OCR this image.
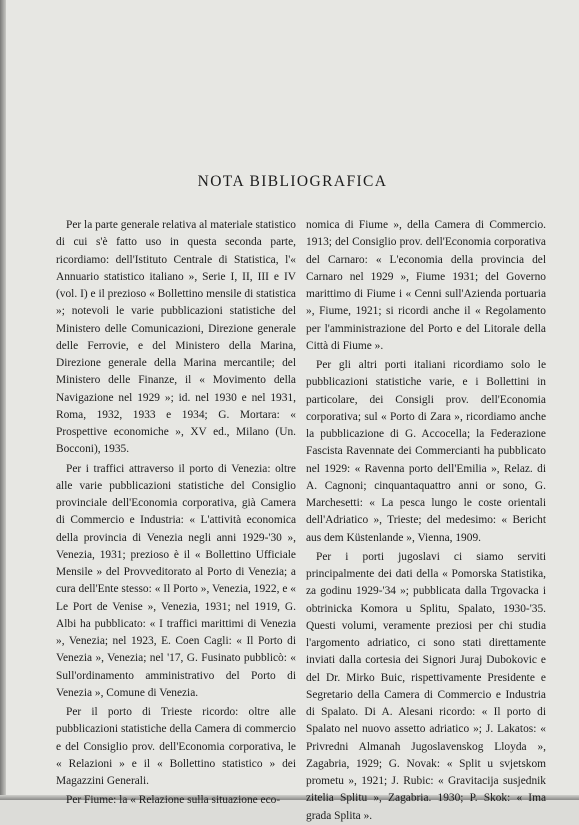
NOTA BIBLIOGRAFICA

Per la parte generale relativa al materiale statistico di cui s'è fatto uso in questa seconda parte, ricordiamo: dell'Istituto Centrale di Statistica, l'« Annuario statistico italiano », Serie I, II, III e IV (vol. I) e il prezioso « Bollettino mensile di statistica »; notevoli le varie pubblicazioni statistiche del Ministero delle Comunicazioni, Direzione generale delle Ferrovie, e del Ministero della Marina, Direzione generale della Marina mercantile; del Ministero delle Finanze, il « Movimento della Navigazione nel 1929 »; id. nel 1930 e nel 1931, Roma, 1932, 1933 e 1934; G. Mortara: « Prospettive economiche », XV ed., Milano (Un. Bocconi), 1935.

Per i traffici attraverso il porto di Venezia: oltre alle varie pubblicazioni statistiche del Consiglio provinciale dell'Economia corporativa, già Camera di Commercio e Industria: « L'attività economica della provincia di Venezia negli anni 1929-'30 », Venezia, 1931; prezioso è il « Bollettino Ufficiale Mensile » del Provveditorato al Porto di Venezia; a cura dell'Ente stesso: « Il Porto », Venezia, 1922, e « Le Port de Venise », Venezia, 1931; nel 1919, G. Albi ha pubblicato: « I traffici marittimi di Venezia », Venezia; nel 1923, E. Coen Cagli: « Il Porto di Venezia », Venezia; nel '17, G. Fusinato pubblicò: « Sull'ordinamento amministrativo del Porto di Venezia », Comune di Venezia.

Per il porto di Trieste ricordo: oltre alle pubblicazioni statistiche della Camera di commercio e del Consiglio prov. dell'Economia corporativa, le « Relazioni » e il « Bollettino statistico » dei Magazzini Generali.

Per Fiume: la « Relazione sulla situazione eco-

nomica di Fiume », della Camera di Commercio. 1913; del Consiglio prov. dell'Economia corporativa del Carnaro: « L'economia della provincia del Carnaro nel 1929 », Fiume 1931; del Governo marittimo di Fiume i « Cenni sull'Azienda portuaria », Fiume, 1921; si ricordi anche il « Regolamento per l'amministrazione del Porto e del Litorale della Città di Fiume ».

Per gli altri porti italiani ricordiamo solo le pubblicazioni statistiche varie, e i Bollettini in particolare, dei Consigli prov. dell'Economia corporativa; sul « Porto di Zara », ricordiamo anche la pubblicazione di G. Accocella; la Federazione Fascista Ravennate dei Commercianti ha pubblicato nel 1929: « Ravenna porto dell'Emilia », Relaz. di A. Cagnoni; cinquantaquattro anni or sono, G. Marchesetti: « La pesca lungo le coste orientali dell'Adriatico », Trieste; del medesimo: « Bericht aus dem Küstenlande », Vienna, 1909.

Per i porti jugoslavi ci siamo serviti principalmente dei dati della « Pomorska Statistika, za godinu 1929-'34 »; pubblicata dalla Trgovacka i obtrinicka Komora u Splitu, Spalato, 1930-'35. Questi volumi, veramente preziosi per chi studia l'argomento adriatico, ci sono stati direttamente inviati dalla cortesia dei Signori Juraj Dubokovic e del Dr. Mirko Buic, rispettivamente Presidente e Segretario della Camera di Commercio e Industria di Spalato. Di A. Alesani ricordo: « Il porto di Spalato nel nuovo assetto adriatico »; J. Lakatos: « Privredni Almanah Jugoslavenskog Lloyda », Zagabria, 1929; G. Novak: « Split u svjetskom prometu », 1921; J. Rubic: « Gravitacija susjednik zitelia Splitu », Zagabria. 1930; P. Skok: « Ima grada Splita ».
